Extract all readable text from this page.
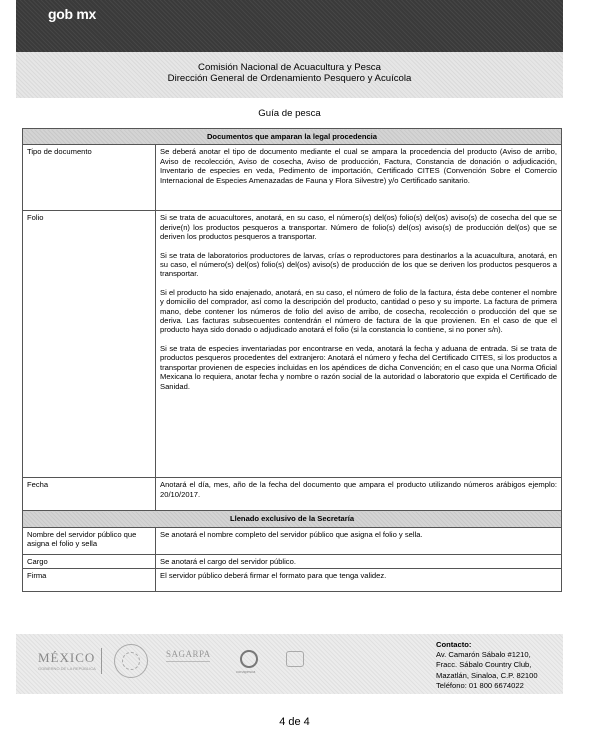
gob mx
Comisión Nacional de Acuacultura y Pesca
Dirección General de Ordenamiento Pesquero y Acuícola
Guía de pesca
Documentos que amparan la legal procedencia	
Tipo de documento	Se deberá anotar el tipo de documento mediante el cual se ampara la procedencia del producto (Aviso de arribo, Aviso de recolección, Aviso de cosecha, Aviso de producción, Factura, Constancia de donación o adjudicación, Inventario de especies en veda, Pedimento de importación, Certificado CITES (Convención Sobre el Comercio Internacional de Especies Amenazadas de Fauna y Flora Silvestre) y/o Certificado sanitario.
Folio	Si se trata de acuacultores, anotará, en su caso, el número(s) del(os) folio(s) del(os) aviso(s) de cosecha del que se derive(n) los productos pesqueros a transportar. Número de folio(s) del(os) aviso(s) de producción del(os) que se deriven los productos pesqueros a transportar.

Si se trata de laboratorios productores de larvas, crías o reproductores para destinarlos a la acuacultura, anotará, en su caso, el número(s) del(os) folio(s) del(os) aviso(s) de producción de los que se deriven los productos pesqueros a transportar.

Si el producto ha sido enajenado, anotará, en su caso, el número de folio de la factura, ésta debe contener el nombre y domicilio del comprador, así como la descripción del producto, cantidad o peso y su importe. La factura de primera mano, debe contener los números de folio del aviso de arribo, de cosecha, recolección o producción del que se deriva. Las facturas subsecuentes contendrán el número de factura de la que provienen. En el caso de que el producto haya sido donado o adjudicado anotará el folio (si la constancia lo contiene, si no poner s/n).

Si se trata de especies inventariadas por encontrarse en veda, anotará la fecha y aduana de entrada. Si se trata de productos pesqueros procedentes del extranjero: Anotará el número y fecha del Certificado CITES, si los productos a transportar provienen de especies incluidas en los apéndices de dicha Convención; en el caso que una Norma Oficial Mexicana lo requiera, anotar fecha y nombre o razón social de la autoridad o laboratorio que expida el Certificado de Sanidad.

Fecha	Anotará el día, mes, año de la fecha del documento que ampara el producto utilizando números arábigos ejemplo: 20/10/2017.
Llenado exclusivo de la Secretaría	
Nombre del servidor público que asigna el folio y sella	Se anotará el nombre completo del servidor público que asigna el folio y sella.
Cargo	Se anotará el cargo del servidor público.
Firma	El servidor público deberá firmar el formato para que tenga validez.
MÉXICO
GOBIERNO DE LA REPÚBLICA
SAGARPA
conapesca
Contacto:
Av. Camarón Sábalo #1210,
Fracc. Sábalo Country Club,
Mazatlán, Sinaloa, C.P. 82100
Teléfono: 01 800 6674022
4 de 4
